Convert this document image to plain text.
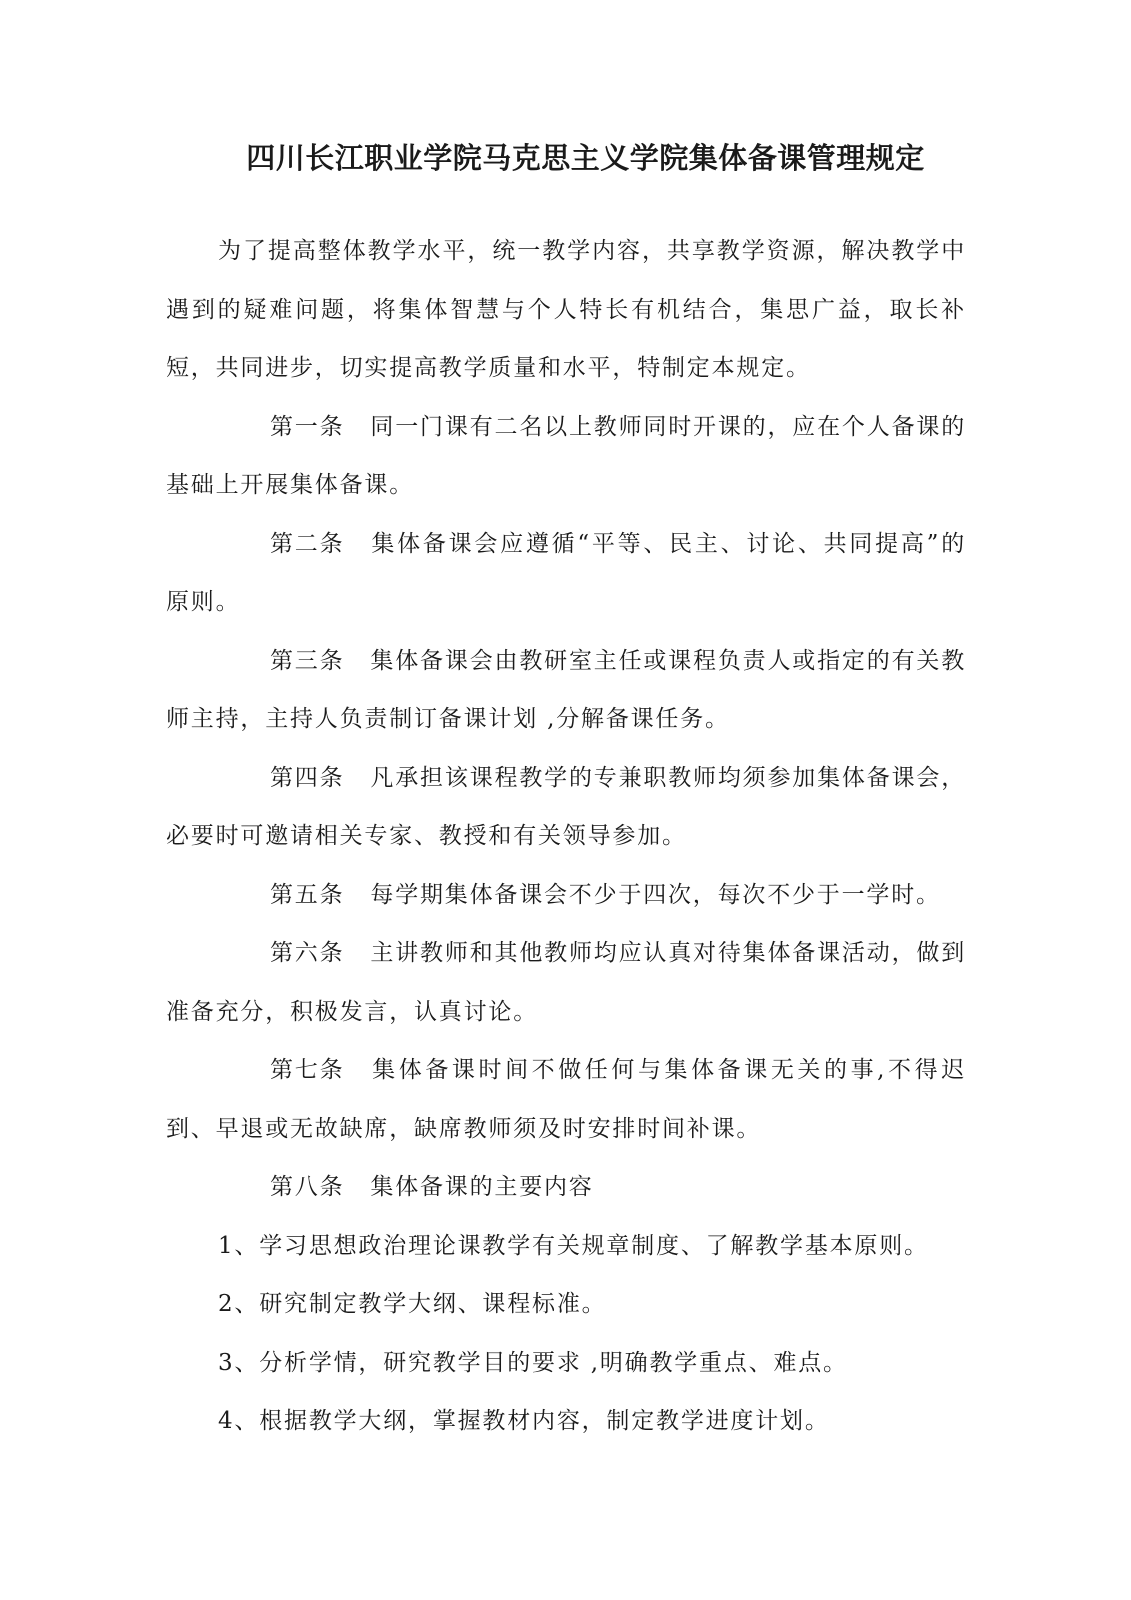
四川长江职业学院马克思主义学院集体备课管理规定

为了提高整体教学水平，统一教学内容，共享教学资源，解决教学中遇到的疑难问题，将集体智慧与个人特长有机结合，集思广益，取长补短，共同进步，切实提高教学质量和水平，特制定本规定。

第一条 同一门课有二名以上教师同时开课的，应在个人备课的基础上开展集体备课。

第二条 集体备课会应遵循“平等、民主、讨论、共同提高”的原则。

第三条 集体备课会由教研室主任或课程负责人或指定的有关教师主持，主持人负责制订备课计划 ,分解备课任务。

第四条 凡承担该课程教学的专兼职教师均须参加集体备课会，必要时可邀请相关专家、教授和有关领导参加。

第五条 每学期集体备课会不少于四次，每次不少于一学时。

第六条 主讲教师和其他教师均应认真对待集体备课活动，做到准备充分，积极发言，认真讨论。

第七条 集体备课时间不做任何与集体备课无关的事,不得迟到、早退或无故缺席，缺席教师须及时安排时间补课。

第八条 集体备课的主要内容

1、学习思想政治理论课教学有关规章制度、了解教学基本原则。

2、研究制定教学大纲、课程标准。

3、分析学情，研究教学目的要求 ,明确教学重点、难点。

4、根据教学大纲，掌握教材内容，制定教学进度计划。
